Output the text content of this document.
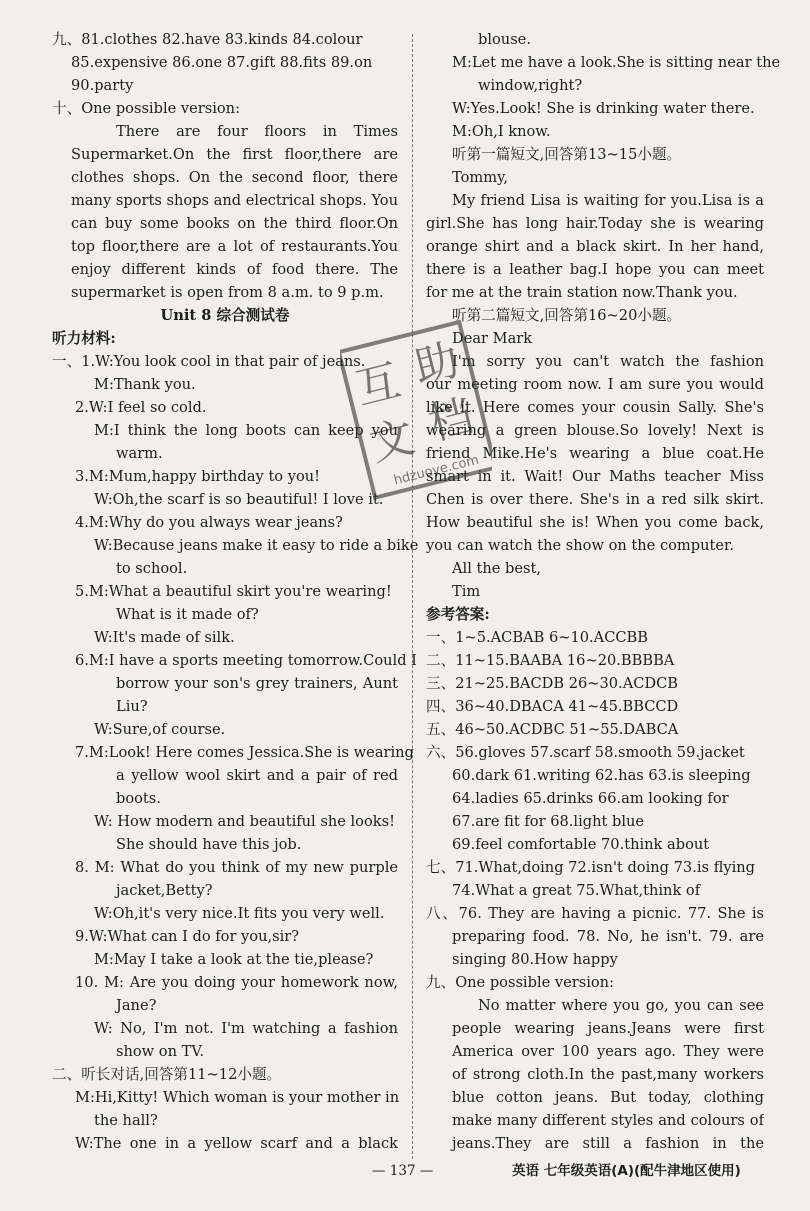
九、81.clothes 82.have 83.kinds 84.colour
85.expensive 86.one 87.gift 88.fits 89.on
90.party
十、One possible version:
There are four floors in Times
Supermarket.On the first floor,there are
clothes shops. On the second floor, there
many sports shops and electrical shops. You
can buy some books on the third floor.On
top floor,there are a lot of restaurants.You
enjoy different kinds of food there. The
supermarket is open from 8 a.m. to 9 p.m.
Unit 8 综合测试卷
听力材料:
一、1.W:You look cool in that pair of jeans.
M:Thank you.
2.W:I feel so cold.
M:I think the long boots can keep you
warm.
3.M:Mum,happy birthday to you!
W:Oh,the scarf is so beautiful! I love it.
4.M:Why do you always wear jeans?
W:Because jeans make it easy to ride a bike
to school.
5.M:What a beautiful skirt you're wearing!
What is it made of?
W:It's made of silk.
6.M:I have a sports meeting tomorrow.Could I
borrow your son's grey trainers, Aunt
Liu?
W:Sure,of course.
7.M:Look! Here comes Jessica.She is wearing
a yellow wool skirt and a pair of red
boots.
W: How modern and beautiful she looks!
She should have this job.
8. M: What do you think of my new purple
jacket,Betty?
W:Oh,it's very nice.It fits you very well.
9.W:What can I do for you,sir?
M:May I take a look at the tie,please?
10. M: Are you doing your homework now,
Jane?
W: No, I'm not. I'm watching a fashion
show on TV.
二、听长对话,回答第11~12小题。
M:Hi,Kitty! Which woman is your mother in
the hall?
W:The one in a yellow scarf and a black
blouse.
M:Let me have a look.She is sitting near the
window,right?
W:Yes.Look! She is drinking water there.
M:Oh,I know.
听第一篇短文,回答第13~15小题。
Tommy,
My friend Lisa is waiting for you.Lisa is a
girl.She has long hair.Today she is wearing
orange shirt and a black skirt. In her hand,
there is a leather bag.I hope you can meet
for me at the train station now.Thank you.
听第二篇短文,回答第16~20小题。
Dear Mark
I'm sorry you can't watch the fashion
our meeting room now. I am sure you would
like it. Here comes your cousin Sally. She's
wearing a green blouse.So lovely! Next is
friend Mike.He's wearing a blue coat.He
smart in it. Wait! Our Maths teacher Miss
Chen is over there. She's in a red silk skirt.
How beautiful she is! When you come back,
you can watch the show on the computer.
All the best,
Tim
参考答案:
一、1~5.ACBAB 6~10.ACCBB
二、11~15.BAABA 16~20.BBBBA
三、21~25.BACDB 26~30.ACDCB
四、36~40.DBACA 41~45.BBCCD
五、46~50.ACDBC 51~55.DABCA
六、56.gloves 57.scarf 58.smooth 59.jacket
60.dark 61.writing 62.has 63.is sleeping
64.ladies 65.drinks 66.am looking for
67.are fit for 68.light blue
69.feel comfortable 70.think about
七、71.What,doing 72.isn't doing 73.is flying
74.What a great 75.What,think of
八、76. They are having a picnic. 77. She is
preparing food. 78. No, he isn't. 79. are
singing 80.How happy
九、One possible version:
No matter where you go, you can see
people wearing jeans.Jeans were first
America over 100 years ago. They were
of strong cloth.In the past,many workers
blue cotton jeans. But today, clothing
make many different styles and colours of
jeans.They are still a fashion in the
互 助
文 档
hdzuoye.com
— 137 —	英语 七年级英语(A)(配牛津地区使用)
